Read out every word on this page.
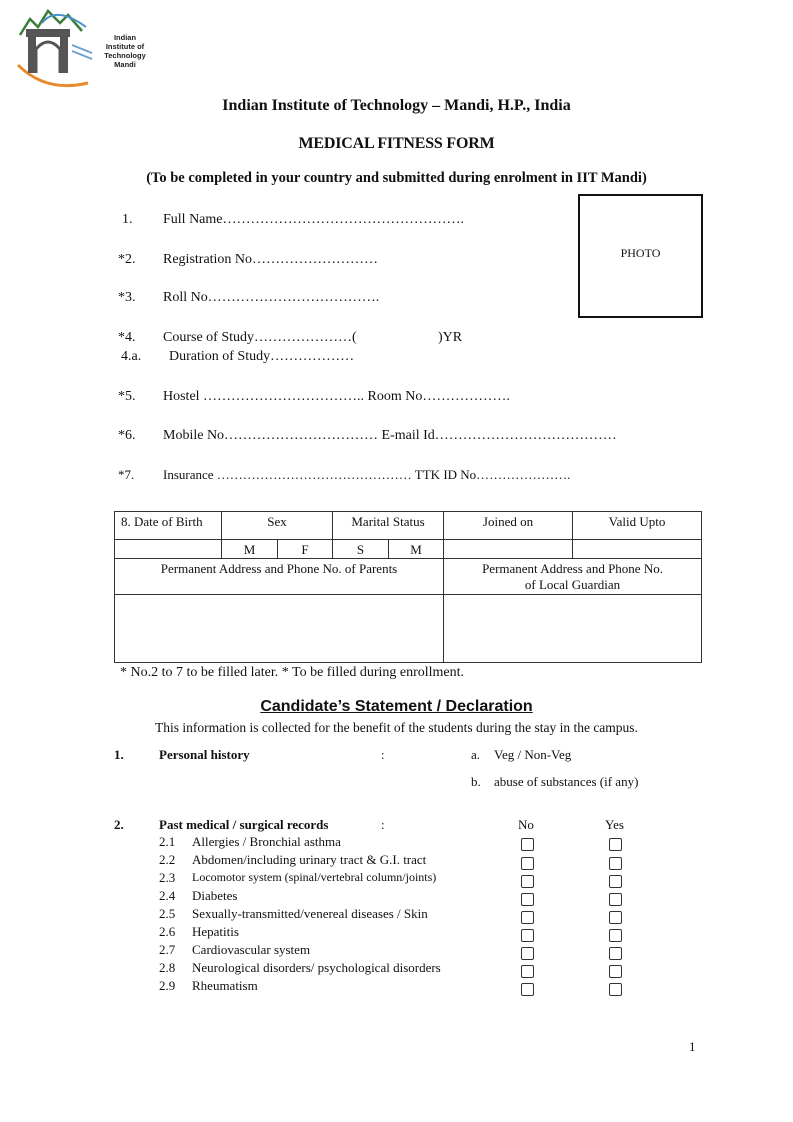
Indian
Institute of
Technology
Mandi
Indian Institute of Technology – Mandi, H.P., India
MEDICAL FITNESS FORM
(To be completed in your country and submitted during enrolment in IIT Mandi)
PHOTO
1. Full Name…………………………………………….
*2. Registration No………………………
*3. Roll No……………………………….
*4. Course of Study…………………(	)YR
4.a. Duration of Study………………
*5. Hostel …………………………….. Room No……………….
*6. Mobile No…………………………… E-mail Id…………………………………
*7. Insurance ……………………………………… TTK ID No………………….
8. Date of Birth	Sex		Marital Status		Joined on	Valid Upto
	M	F	S	M		
Permanent Address and Phone No. of Parents					Permanent Address and Phone No.
of Local Guardian	

* No.2 to 7 to be filled later. * To be filled during enrollment.
Candidate’s Statement / Declaration
This information is collected for the benefit of the students during the stay in the campus.
1.	Personal history	:	a. Veg / Non-Veg
b. abuse of substances (if any)
2.	Past medical / surgical records	:	No	Yes
2.1 Allergies / Bronchial asthma
2.2 Abdomen/including urinary tract & G.I. tract
2.3 Locomotor system (spinal/vertebral column/joints)
2.4 Diabetes
2.5 Sexually-transmitted/venereal diseases / Skin
2.6 Hepatitis
2.7 Cardiovascular system
2.8 Neurological disorders/ psychological disorders
2.9 Rheumatism
1
